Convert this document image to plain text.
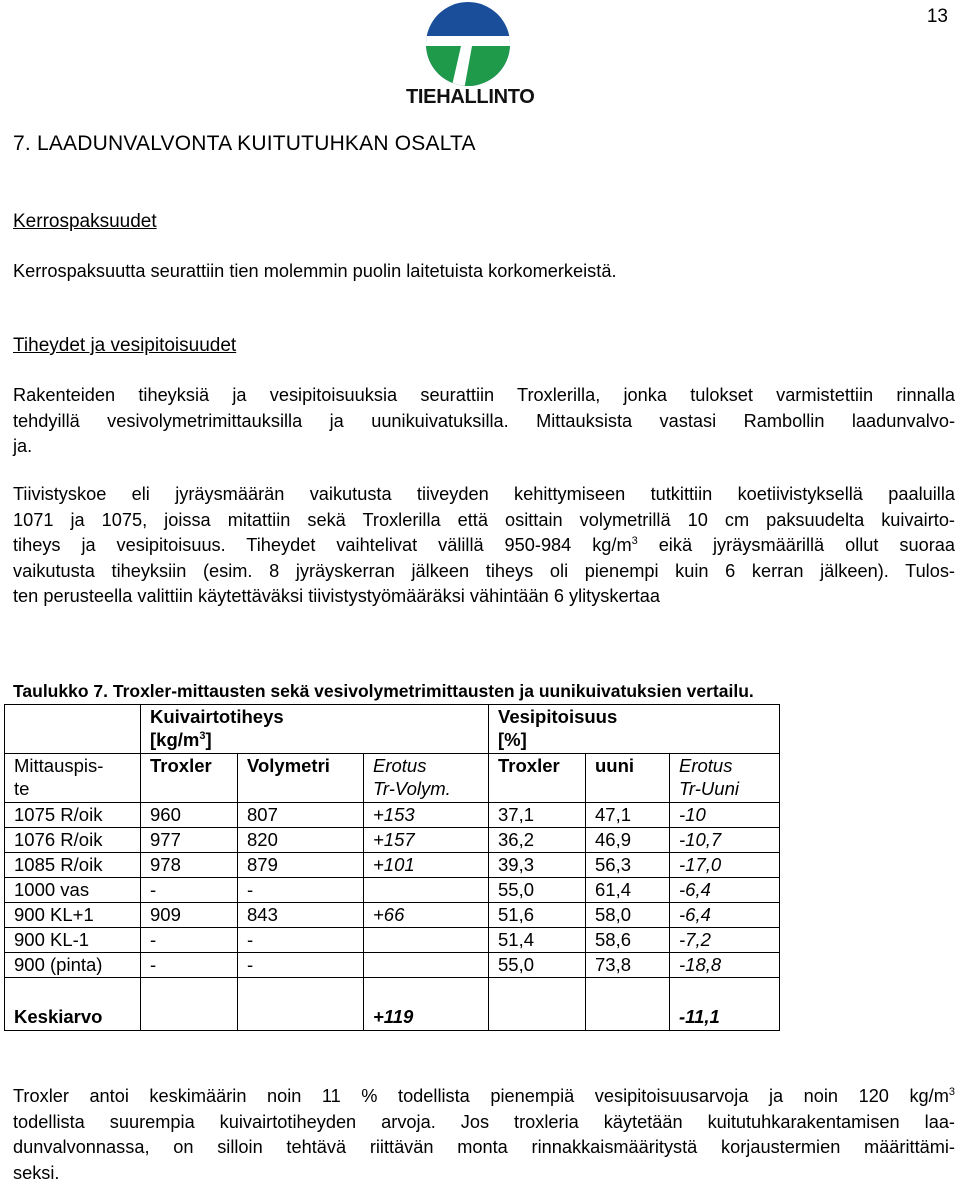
13
TIEHALLINTO
7. LAADUNVALVONTA KUITUTUHKAN OSALTA
Kerrospaksuudet
Kerrospaksuutta seurattiin tien molemmin puolin laitetuista korkomerkeistä.
Tiheydet ja vesipitoisuudet
Rakenteiden tiheyksiä ja vesipitoisuuksia seurattiin Troxlerilla, jonka tulokset varmistettiin rinnalla
tehdyillä vesivolymetrimittauksilla ja uunikuivatuksilla. Mittauksista vastasi Rambollin laadunvalvo-
ja.
Tiivistyskoe eli jyräysmäärän vaikutusta tiiveyden kehittymiseen tutkittiin koetiivistyksellä paaluilla
1071 ja 1075, joissa mitattiin sekä Troxlerilla että osittain volymetrillä 10 cm paksuudelta kuivairto-
tiheys ja vesipitoisuus. Tiheydet vaihtelivat välillä 950-984 $kg/m^3$ eikä jyräysmäärillä ollut suoraa
vaikutusta tiheyksiin (esim. 8 jyräyskerran jälkeen tiheys oli pienempi kuin 6 kerran jälkeen). Tulos-
ten perusteella valittiin käytettäväksi tiivistystyömääräksi vähintään 6 ylityskertaa
Taulukko 7. Troxler-mittausten sekä vesivolymetrimittausten ja uunikuivatuksien vertailu.
	Kuivairtotiheys
$[kg/m^3]$			Vesipitoisuus
[%]		
Mittauspis-
te	Troxler	Volymetri	Erotus
Tr-Volym.	Troxler	uuni	Erotus
Tr-Uuni
1075 R/oik	960	807	+153	37,1	47,1	-10
1076 R/oik	977	820	+157	36,2	46,9	-10,7
1085 R/oik	978	879	+101	39,3	56,3	-17,0
1000 vas	-	-		55,0	61,4	-6,4
900 KL+1	909	843	+66	51,6	58,0	-6,4
900 KL-1	-	-		51,4	58,6	-7,2
900 (pinta)	-	-		55,0	73,8	-18,8
Keskiarvo			+119			-11,1
Troxler antoi keskimäärin noin 11 % todellista pienempiä vesipitoisuusarvoja ja noin 120 $kg/m^3$
todellista suurempia kuivairtotiheyden arvoja. Jos troxleria käytetään kuitutuhkarakentamisen laa-
dunvalvonnassa, on silloin tehtävä riittävän monta rinnakkaismääritystä korjaustermien määrittämi-
seksi.
